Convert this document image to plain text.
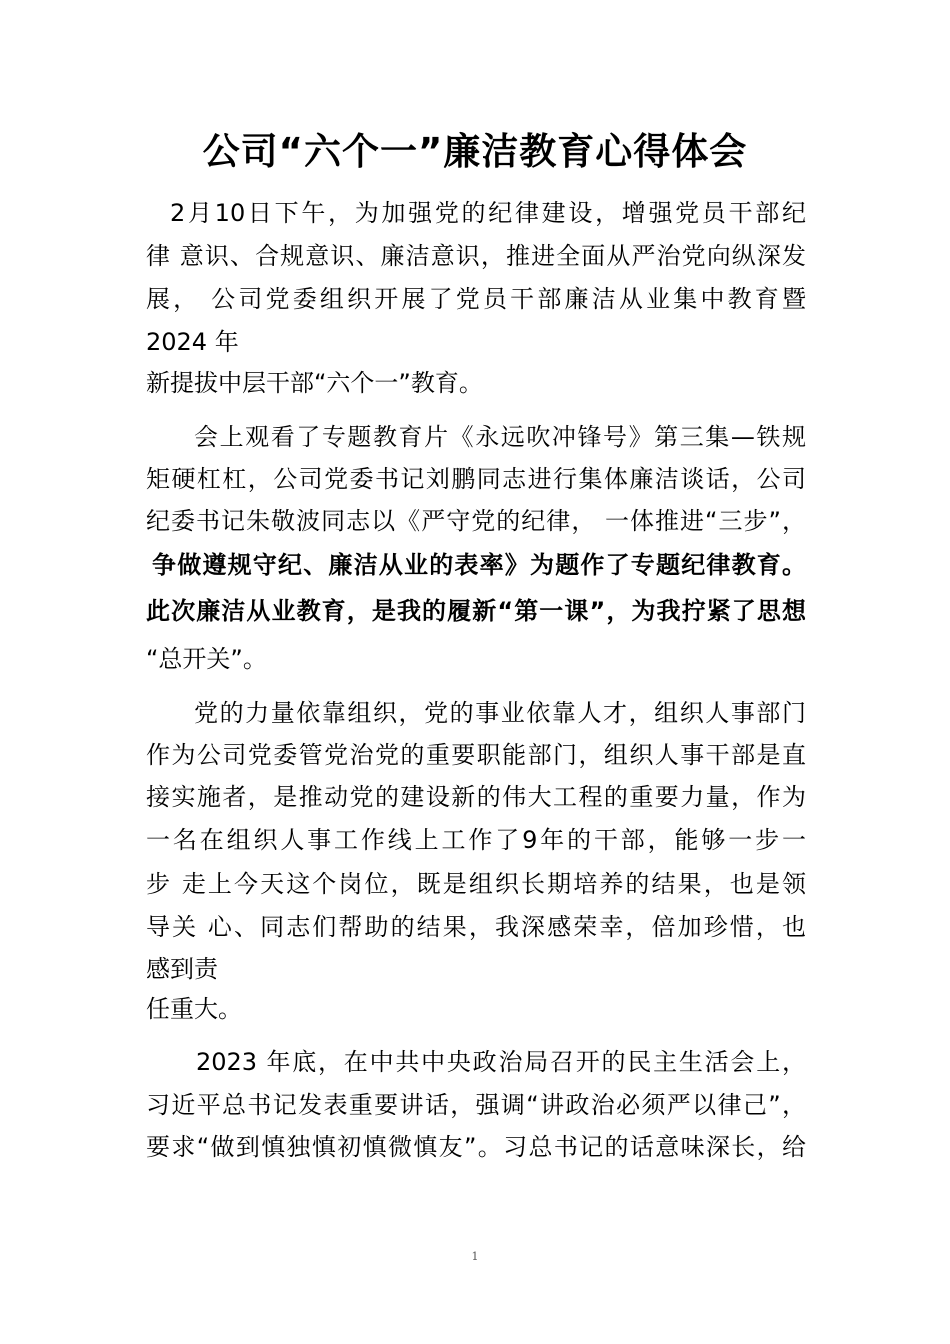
公司“六个一”廉洁教育心得体会
2月10日下午，为加强党的纪律建设，增强党员干部纪
律 意识、合规意识、廉洁意识，推进全面从严治党向纵深发
展， 公司党委组织开展了党员干部廉洁从业集中教育暨
2024 年
新提拔中层干部“六个一”教育。
会上观看了专题教育片《永远吹冲锋号》第三集—铁规
矩硬杠杠，公司党委书记刘鹏同志进行集体廉洁谈话，公司
纪委书记朱敬波同志以《严守党的纪律， 一体推进“三步”，
争做遵规守纪、廉洁从业的表率》为题作了专题纪律教育。
此次廉洁从业教育，是我的履新“第一课”，为我拧紧了思想
“总开关”。
党的力量依靠组织，党的事业依靠人才，组织人事部门
作为公司党委管党治党的重要职能部门，组织人事干部是直
接实施者，是推动党的建设新的伟大工程的重要力量，作为
一名在组织人事工作线上工作了9年的干部，能够一步一
步 走上今天这个岗位，既是组织长期培养的结果，也是领
导关 心、同志们帮助的结果，我深感荣幸，倍加珍惜，也
感到责
任重大。
2023 年底，在中共中央政治局召开的民主生活会上，
习近平总书记发表重要讲话，强调“讲政治必须严以律己”，
要求“做到慎独慎初慎微慎友”。习总书记的话意味深长，给
1
